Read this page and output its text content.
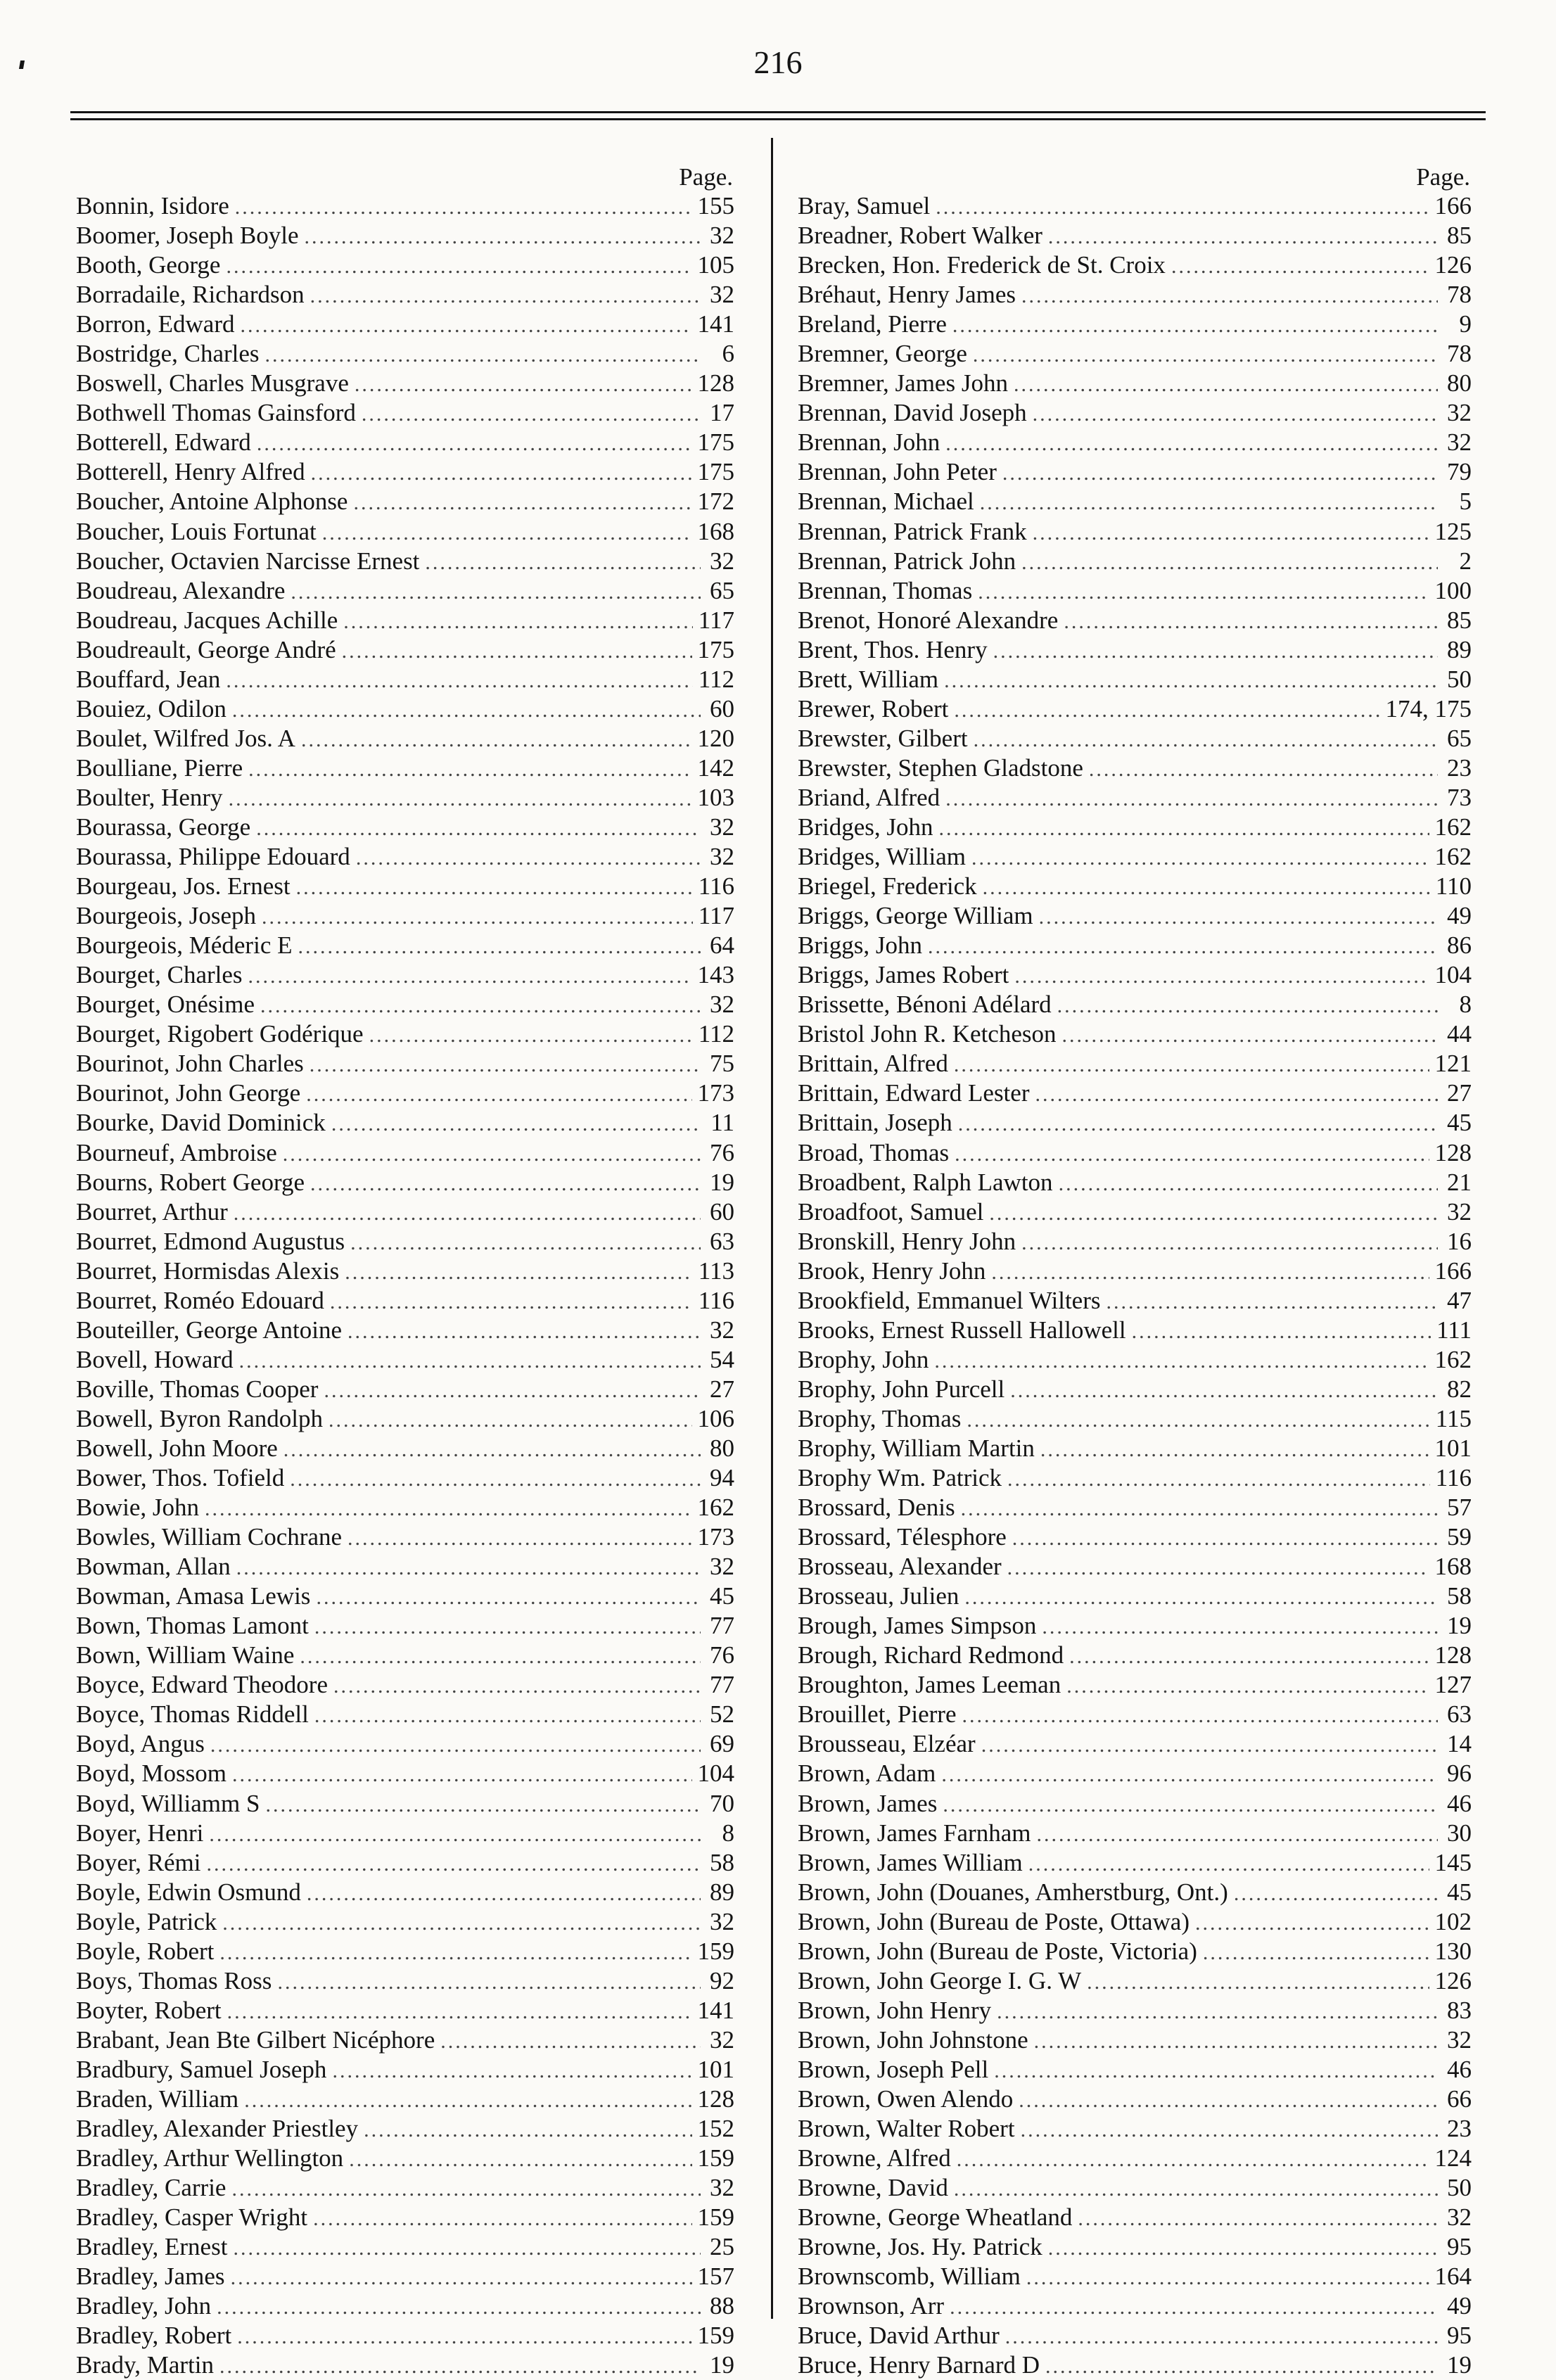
216
Page.
Bonnin, Isidore .....	155
Boomer, Joseph Boyle .....	32
Booth, George .....	105
Borradaile, Richardson .....	32
Borron, Edward .....	141
Bostridge, Charles .....	6
Boswell, Charles Musgrave .....	128
Bothwell Thomas Gainsford .....	17
Botterell, Edward .....	175
Botterell, Henry Alfred .....	175
Boucher, Antoine Alphonse .....	172
Boucher, Louis Fortunat .....	168
Boucher, Octavien Narcisse Ernest .....	32
Boudreau, Alexandre .....	65
Boudreau, Jacques Achille .....	117
Boudreault, George André .....	175
Bouffard, Jean .....	112
Bouiez, Odilon .....	60
Boulet, Wilfred Jos. A .....	120
Boulliane, Pierre .....	142
Boulter, Henry .....	103
Bourassa, George .....	32
Bourassa, Philippe Edouard .....	32
Bourgeau, Jos. Ernest .....	116
Bourgeois, Joseph .....	117
Bourgeois, Méderic E .....	64
Bourget, Charles .....	143
Bourget, Onésime .....	32
Bourget, Rigobert Godérique .....	112
Bourinot, John Charles .....	75
Bourinot, John George .....	173
Bourke, David Dominick .....	11
Bourneuf, Ambroise .....	76
Bourns, Robert George .....	19
Bourret, Arthur .....	60
Bourret, Edmond Augustus .....	63
Bourret, Hormisdas Alexis .....	113
Bourret, Roméo Edouard .....	116
Bouteiller, George Antoine .....	32
Bovell, Howard .....	54
Boville, Thomas Cooper .....	27
Bowell, Byron Randolph .....	106
Bowell, John Moore .....	80
Bower, Thos. Tofield .....	94
Bowie, John .....	162
Bowles, William Cochrane .....	173
Bowman, Allan .....	32
Bowman, Amasa Lewis .....	45
Bown, Thomas Lamont .....	77
Bown, William Waine .....	76
Boyce, Edward Theodore .....	77
Boyce, Thomas Riddell .....	52
Boyd, Angus .....	69
Boyd, Mossom .....	104
Boyd, Williamm S .....	70
Boyer, Henri .....	8
Boyer, Rémi .....	58
Boyle, Edwin Osmund .....	89
Boyle, Patrick .....	32
Boyle, Robert .....	159
Boys, Thomas Ross .....	92
Boyter, Robert .....	141
Brabant, Jean Bte Gilbert Nicéphore .....	32
Bradbury, Samuel Joseph .....	101
Braden, William .....	128
Bradley, Alexander Priestley .....	152
Bradley, Arthur Wellington .....	159
Bradley, Carrie .....	32
Bradley, Casper Wright .....	159
Bradley, Ernest .....	25
Bradley, James .....	157
Bradley, John .....	88
Bradley, Robert .....	159
Brady, Martin .....	19
Page.
Bray, Samuel .....	166
Breadner, Robert Walker .....	85
Brecken, Hon. Frederick de St. Croix .....	126
Bréhaut, Henry James .....	78
Breland, Pierre .....	9
Bremner, George .....	78
Bremner, James John .....	80
Brennan, David Joseph .....	32
Brennan, John .....	32
Brennan, John Peter .....	79
Brennan, Michael .....	5
Brennan, Patrick Frank .....	125
Brennan, Patrick John .....	2
Brennan, Thomas .....	100
Brenot, Honoré Alexandre .....	85
Brent, Thos. Henry .....	89
Brett, William .....	50
Brewer, Robert .....	174, 175
Brewster, Gilbert .....	65
Brewster, Stephen Gladstone .....	23
Briand, Alfred .....	73
Bridges, John .....	162
Bridges, William .....	162
Briegel, Frederick .....	110
Briggs, George William .....	49
Briggs, John .....	86
Briggs, James Robert .....	104
Brissette, Bénoni Adélard .....	8
Bristol John R. Ketcheson .....	44
Brittain, Alfred .....	121
Brittain, Edward Lester .....	27
Brittain, Joseph .....	45
Broad, Thomas .....	128
Broadbent, Ralph Lawton .....	21
Broadfoot, Samuel .....	32
Bronskill, Henry John .....	16
Brook, Henry John .....	166
Brookfield, Emmanuel Wilters .....	47
Brooks, Ernest Russell Hallowell .....	111
Brophy, John .....	162
Brophy, John Purcell .....	82
Brophy, Thomas .....	115
Brophy, William Martin .....	101
Brophy Wm. Patrick .....	116
Brossard, Denis .....	57
Brossard, Télesphore .....	59
Brosseau, Alexander .....	168
Brosseau, Julien .....	58
Brough, James Simpson .....	19
Brough, Richard Redmond .....	128
Broughton, James Leeman .....	127
Brouillet, Pierre .....	63
Brousseau, Elzéar .....	14
Brown, Adam .....	96
Brown, James .....	46
Brown, James Farnham .....	30
Brown, James William .....	145
Brown, John (Douanes, Amherstburg, Ont.) .....	45
Brown, John (Bureau de Poste, Ottawa) .....	102
Brown, John (Bureau de Poste, Victoria) .....	130
Brown, John George I. G. W .....	126
Brown, John Henry .....	83
Brown, John Johnstone .....	32
Brown, Joseph Pell .....	46
Brown, Owen Alendo .....	66
Brown, Walter Robert .....	23
Browne, Alfred .....	124
Browne, David .....	50
Browne, George Wheatland .....	32
Browne, Jos. Hy. Patrick .....	95
Brownscomb, William .....	164
Brownson, Arr .....	49
Bruce, David Arthur .....	95
Bruce, Henry Barnard D .....	19
